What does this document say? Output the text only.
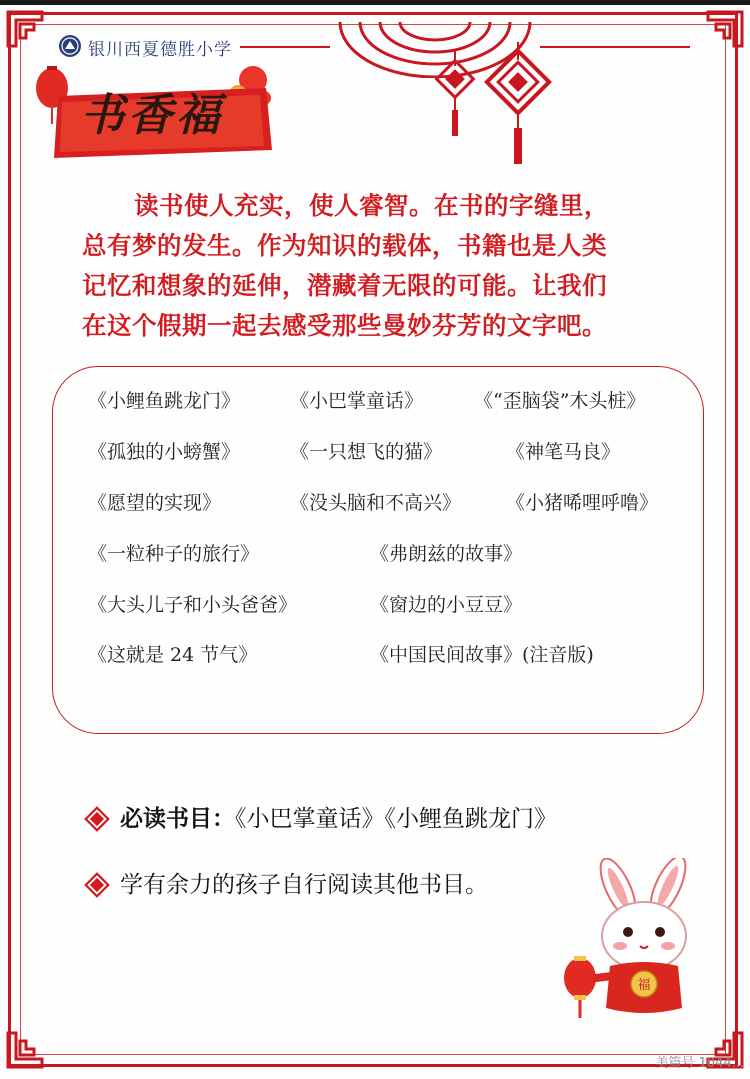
银川西夏德胜小学
书香福
读书使人充实，使人睿智。在书的字缝里，
总有梦的发生。作为知识的载体，书籍也是人类
记忆和想象的延伸，潜藏着无限的可能。让我们
在这个假期一起去感受那些曼妙芬芳的文字吧。
《小鲤鱼跳龙门》	《小巴掌童话》	《“歪脑袋”木头桩》
《孤独的小螃蟹》	《一只想飞的猫》	《神笔马良》
《愿望的实现》	《没头脑和不高兴》 《小猪唏哩呼噜》
《一粒种子的旅行》	《弗朗兹的故事》
《大头儿子和小头爸爸》	《窗边的小豆豆》
《这就是 24 节气》	《中国民间故事》(注音版)
必读书目：《小巴掌童话》《小鲤鱼跳龙门》
学有余力的孩子自行阅读其他书目。
福
美篇号 1044...
